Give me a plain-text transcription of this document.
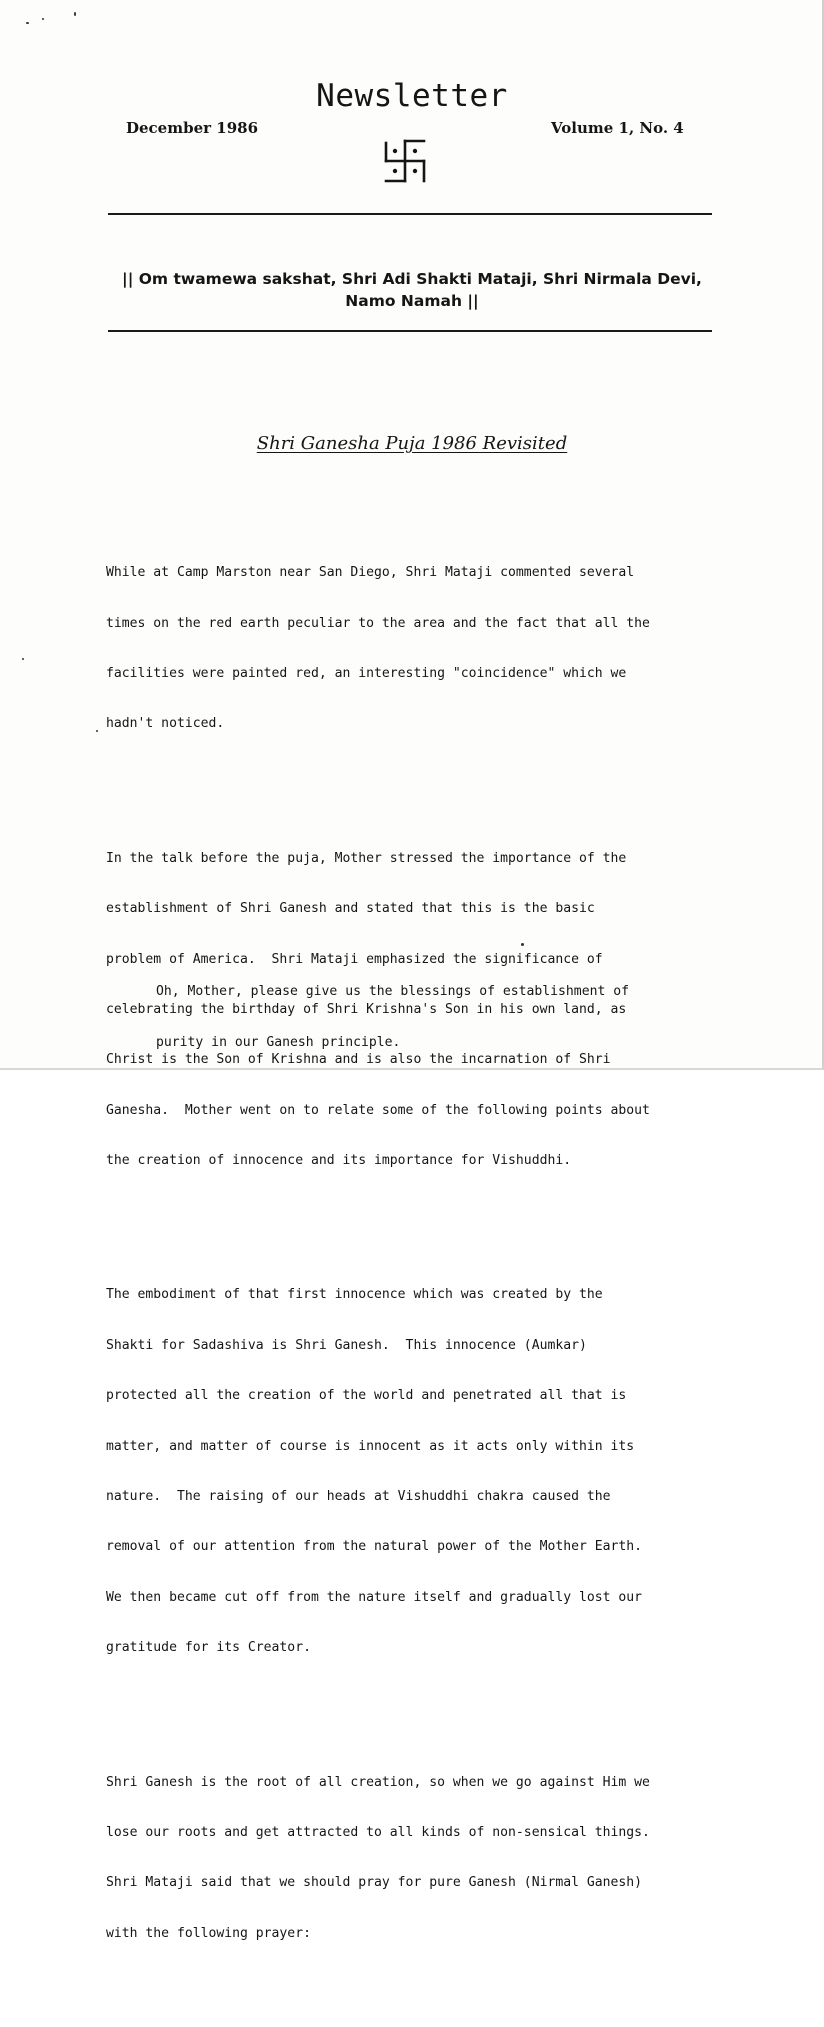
Newsletter
December 1986	Volume 1, No. 4
|| Om twamewa sakshat, Shri Adi Shakti Mataji, Shri Nirmala Devi,
Namo Namah ||
Shri Ganesha Puja 1986 Revisited

While at Camp Marston near San Diego, Shri Mataji commented several

times on the red earth peculiar to the area and the fact that all the

facilities were painted red, an interesting "coincidence" which we

hadn't noticed.

In the talk before the puja, Mother stressed the importance of the

establishment of Shri Ganesh and stated that this is the basic

problem of America.  Shri Mataji emphasized the significance of

celebrating the birthday of Shri Krishna's Son in his own land, as

Christ is the Son of Krishna and is also the incarnation of Shri

Ganesha.  Mother went on to relate some of the following points about

the creation of innocence and its importance for Vishuddhi.

The embodiment of that first innocence which was created by the

Shakti for Sadashiva is Shri Ganesh.  This innocence (Aumkar)

protected all the creation of the world and penetrated all that is

matter, and matter of course is innocent as it acts only within its

nature.  The raising of our heads at Vishuddhi chakra caused the

removal of our attention from the natural power of the Mother Earth.

We then became cut off from the nature itself and gradually lost our

gratitude for its Creator.

Shri Ganesh is the root of all creation, so when we go against Him we

lose our roots and get attracted to all kinds of non-sensical things.

Shri Mataji said that we should pray for pure Ganesh (Nirmal Ganesh)

with the following prayer:

Oh, Mother, please give us the blessings of establishment of

purity in our Ganesh principle.
